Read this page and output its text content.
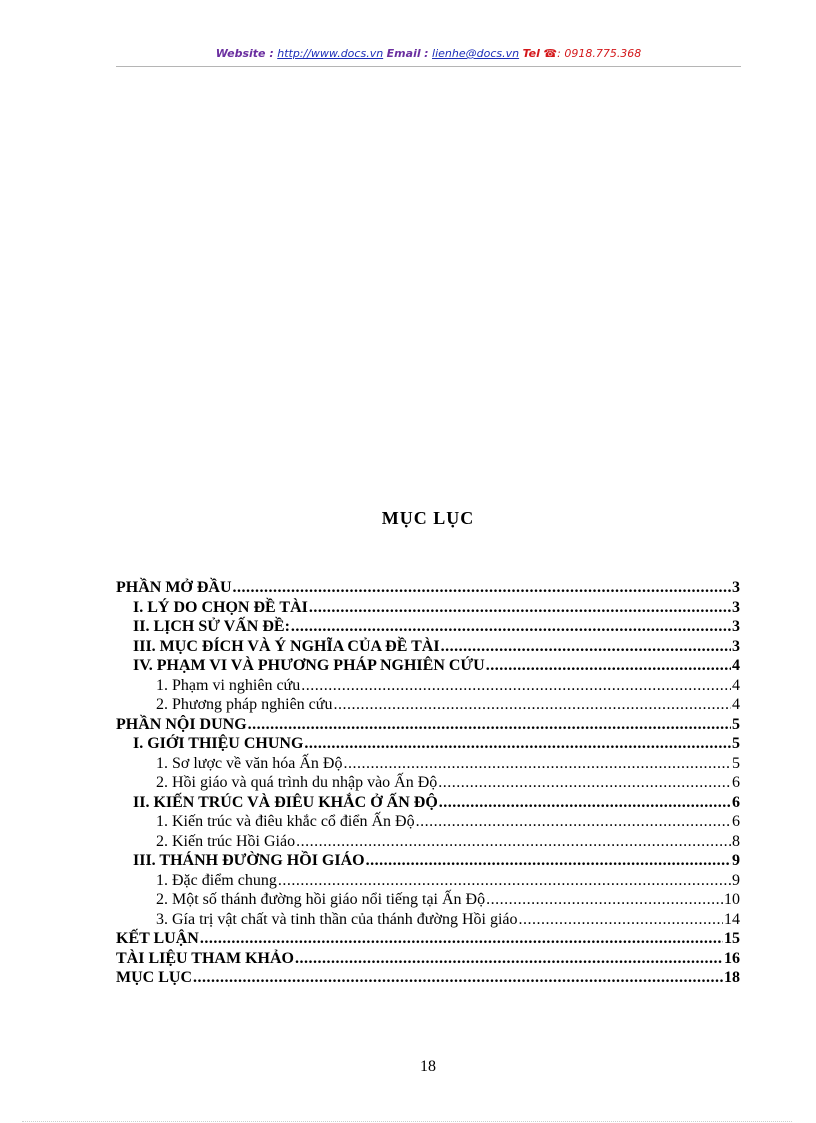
Website : http://www.docs.vn Email : lienhe@docs.vn Tel ☎: 0918.775.368
MỤC LỤC
PHẦN MỞ ĐẦU .....	3
I. LÝ DO CHỌN ĐỀ TÀI .....	3
II. LỊCH SỬ VẤN ĐỀ: .....	3
III. MỤC ĐÍCH VÀ Ý NGHĨA CỦA ĐỀ TÀI .....	3
IV. PHẠM VI VÀ PHƯƠNG PHÁP NGHIÊN CỨU .....	4
1. Phạm vi nghiên cứu .....	4
2. Phương pháp nghiên cứu .....	4
PHẦN NỘI DUNG .....	5
I. GIỚI THIỆU CHUNG .....	5
1. Sơ lược về văn hóa Ấn Độ .....	5
2. Hồi giáo và quá trình du nhập vào Ấn Độ .....	6
II. KIẾN TRÚC VÀ ĐIÊU KHẮC Ở ẤN ĐỘ .....	6
1. Kiến trúc và điêu khắc cổ điển Ấn Độ .....	6
2. Kiến trúc Hồi Giáo .....	8
III. THÁNH ĐƯỜNG HỒI GIÁO .....	9
1. Đặc điểm chung .....	9
2. Một số thánh đường hồi giáo nổi tiếng tại Ấn Độ .....	10
3. Gía trị vật chất và tinh thần của thánh đường Hồi giáo .....	14
KẾT LUẬN .....	15
TÀI LIỆU THAM KHẢO .....	16
MỤC LỤC .....	18
18
